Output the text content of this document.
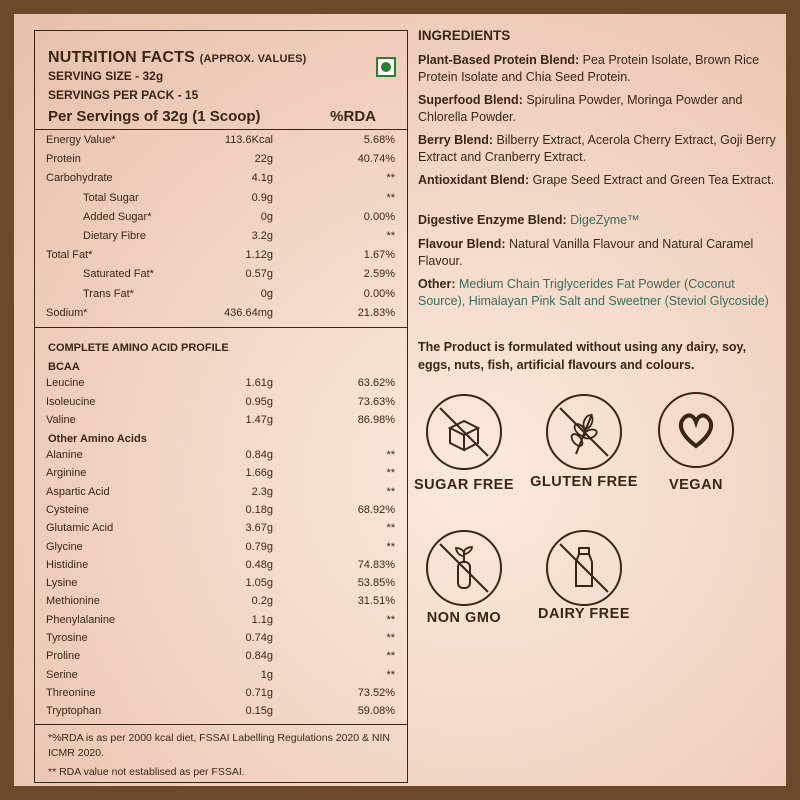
NUTRITION FACTS (APPROX. VALUES)
SERVING SIZE - 32g
SERVINGS PER PACK - 15
Per Servings of 32g (1 Scoop)	%RDA
Energy Value*	113.6Kcal	5.68%
Protein	22g	40.74%
Carbohydrate	4.1g	**
Total Sugar	0.9g	**
Added Sugar*	0g	0.00%
Dietary Fibre	3.2g	**
Total Fat*	1.12g	1.67%
Saturated Fat*	0.57g	2.59%
Trans Fat*	0g	0.00%
Sodium*	436.64mg	21.83%
COMPLETE AMINO ACID PROFILE
BCAA
Leucine	1.61g	63.62%
Isoleucine	0.95g	73.63%
Valine	1.47g	86.98%
Other Amino Acids
Alanine	0.84g	**
Arginine	1.66g	**
Aspartic Acid	2.3g	**
Cysteine	0.18g	68.92%
Glutamic Acid	3.67g	**
Glycine	0.79g	**
Histidine	0.48g	74.83%
Lysine	1.05g	53.85%
Methionine	0.2g	31.51%
Phenylalanine	1.1g	**
Tyrosine	0.74g	**
Proline	0.84g	**
Serine	1g	**
Threonine	0.71g	73.52%
Tryptophan	0.15g	59.08%
*%RDA is as per 2000 kcal diet, FSSAI Labelling Regulations 2020 & NIN ICMR 2020.
** RDA value not establised as per FSSAI.
INGREDIENTS
Plant-Based Protein Blend: Pea Protein Isolate, Brown Rice Protein Isolate and Chia Seed Protein.
Superfood Blend: Spirulina Powder, Moringa Powder and Chlorella Powder.
Berry Blend: Bilberry Extract, Acerola Cherry Extract, Goji Berry Extract and Cranberry Extract.
Antioxidant Blend: Grape Seed Extract and Green Tea Extract.
Digestive Enzyme Blend: DigeZyme™
Flavour Blend: Natural Vanilla Flavour and Natural Caramel Flavour.
Other: Medium Chain Triglycerides Fat Powder (Coconut Source), Himalayan Pink Salt and Sweetner (Steviol Glycoside)
The Product is formulated without using any dairy, soy, eggs, nuts, fish, artificial flavours and colours.
SUGAR FREE	GLUTEN FREE	VEGAN
NON GMO	DAIRY FREE
